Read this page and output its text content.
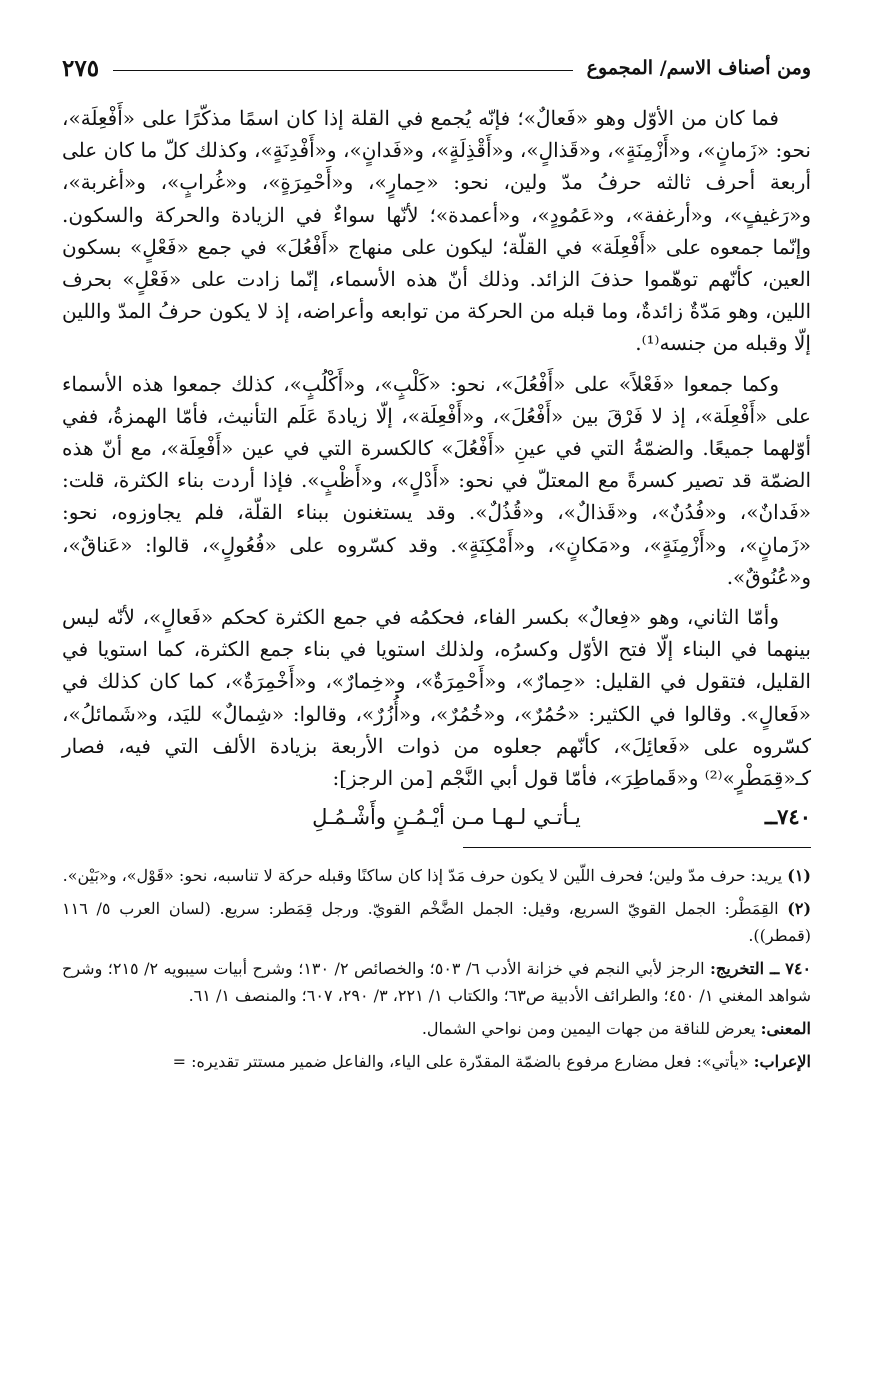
ومن أصناف الاسم/ المجموع
٢٧٥

فما كان من الأوّل وهو «فَعالٌ»؛ فإنّه يُجمع في القلة إذا كان اسمًا مذكّرًا على «أَفْعِلَة»، نحو: «زَمانٍ»، و«أَزْمِنَةٍ»، و«قَذالٍ»، و«أَقْذِلَةٍ»، و«فَدانٍ»، و«أَفْدِنَةٍ»، وكذلك كلّ ما كان على أربعة أحرف ثالثه حرفُ مدّ ولين، نحو: «حِمارٍ»، و«أَحْمِرَةٍ»، و«غُرابٍ»، و«أغربة»، و«رَغيفٍ»، و«أرغفة»، و«عَمُودٍ»، و«أعمدة»؛ لأنّها سواءٌ في الزيادة والحركة والسكون. وإنّما جمعوه على «أَفْعِلَة» في القلّة؛ ليكون على منهاج «أَفْعُلَ» في جمع «فَعْلٍ» بسكون العين، كأنّهم توهّموا حذفَ الزائد. وذلك أنّ هذه الأسماء، إنّما زادت على «فَعْلٍ» بحرف اللين، وهو مَدّةٌ زائدةٌ، وما قبله من الحركة من توابعه وأعراضه، إذ لا يكون حرفُ المدّ واللين إلّا وقبله من جنسه⁽¹⁾.

وكما جمعوا «فَعْلاً» على «أَفْعُلَ»، نحو: «كَلْبٍ»، و«أَكْلُبٍ»، كذلك جمعوا هذه الأسماء على «أَفْعِلَة»، إذ لا فَرْقَ بين «أَفْعُلَ»، و«أَفْعِلَة»، إلّا زيادةَ عَلَم التأنيث، فأمّا الهمزةُ، ففي أوّلهما جميعًا. والضمّةُ التي في عينِ «أَفْعُلَ» كالكسرة التي في عين «أَفْعِلَة»، مع أنّ هذه الضمّة قد تصير كسرةً مع المعتلّ في نحو: «أَدْلٍ»، و«أَظْبٍ». فإذا أردت بناء الكثرة، قلت: «فَدانٌ»، و«فُدُنٌ»، و«قَذالٌ»، و«قُذُلٌ». وقد يستغنون ببناء القلّة، فلم يجاوزوه، نحو: «زَمانٍ»، و«أَزْمِنَةٍ»، و«مَكانٍ»، و«أَمْكِنَةٍ». وقد كسّروه على «فُعُولٍ»، قالوا: «عَناقٌ»، و«عُنُوقٌ».

وأمّا الثاني، وهو «فِعالٌ» بكسر الفاء، فحكمُه في جمع الكثرة كحكم «فَعالٍ»، لأنّه ليس بينهما في البناء إلّا فتح الأوّل وكسرُه، ولذلك استويا في بناء جمع الكثرة، كما استويا في القليل، فتقول في القليل: «حِمارٌ»، و«أَحْمِرَةٌ»، و«خِمارٌ»، و«أَخْمِرَةٌ»، كما كان كذلك في «فَعالٍ». وقالوا في الكثير: «حُمُرٌ»، و«خُمُرٌ»، و«أُزُرٌ»، وقالوا: «شِمالٌ» لليَد، و«شَمائلُ»، كسّروه على «فَعائِلَ»، كأنّهم جعلوه من ذوات الأربعة بزيادة الألف التي فيه، فصار كـ«قِمَطْرٍ»⁽²⁾ و«قَماطِرَ»، فأمّا قول أبي النَّجْم [من الرجز]:

٧٤٠ــ
يـأتـي لـهـا مـن أيْـمُـنٍ وأَشْـمُـلِ

(١) يريد: حرف مدّ ولين؛ فحرف اللّين لا يكون حرف مَدّ إذا كان ساكنًا وقبله حركة لا تناسبه، نحو: «قَوْل»، و«بَيْن».

(٢) القِمَطْر: الجمل القويّ السريع، وقيل: الجمل الضَّخْم القويّ. ورجل قِمَطر: سريع. (لسان العرب ٥/ ١١٦ (قمطر)).

٧٤٠ ــ التخريج: الرجز لأبي النجم في خزانة الأدب ٦/ ٥٠٣؛ والخصائص ٢/ ١٣٠؛ وشرح أبيات سيبويه ٢/ ٢١٥؛ وشرح شواهد المغني ١/ ٤٥٠؛ والطرائف الأدبية ص٦٣؛ والكتاب ١/ ٢٢١، ٣/ ٢٩٠، ٦٠٧؛ والمنصف ١/ ٦١.

المعنى: يعرض للناقة من جهات اليمين ومن نواحي الشمال.

الإعراب: «يأتي»: فعل مضارع مرفوع بالضمّة المقدّرة على الياء، والفاعل ضمير مستتر تقديره: =
